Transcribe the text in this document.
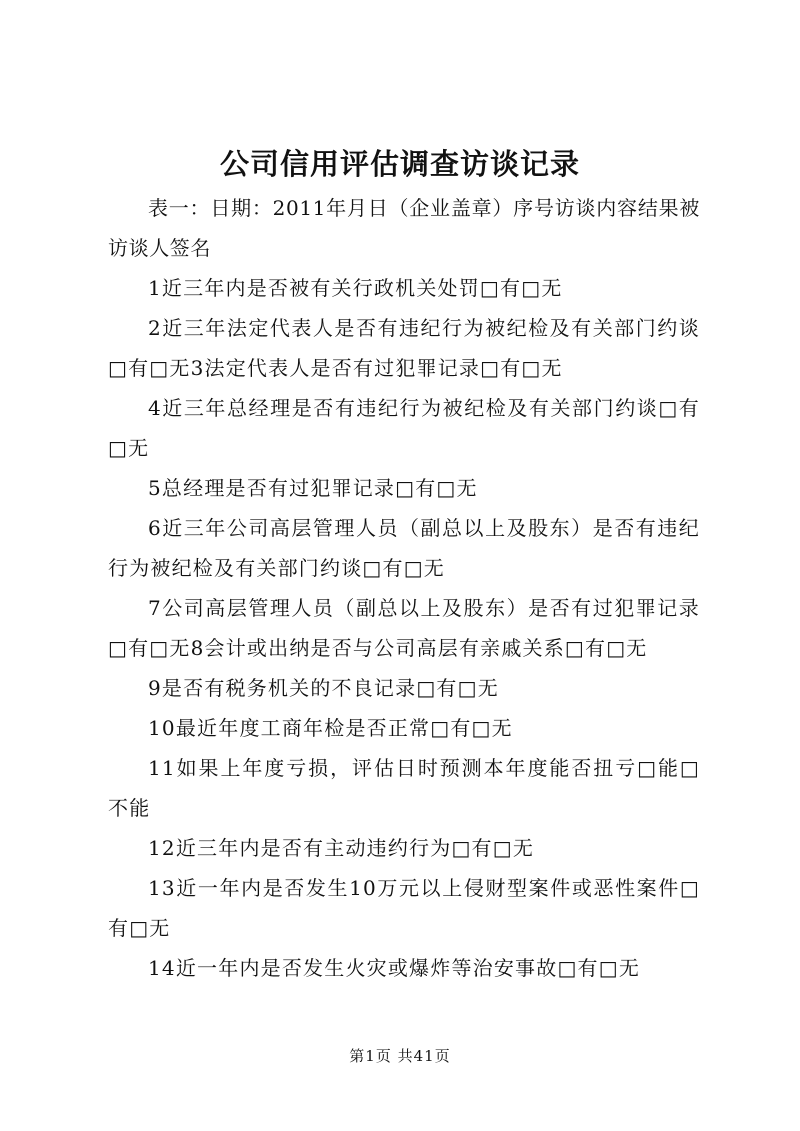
公司信用评估调查访谈记录

表一：日期：2011年月日（企业盖章）序号访谈内容结果被访谈人签名

1近三年内是否被有关行政机关处罚□有□无

2近三年法定代表人是否有违纪行为被纪检及有关部门约谈□有□无3法定代表人是否有过犯罪记录□有□无

4近三年总经理是否有违纪行为被纪检及有关部门约谈□有□无

5总经理是否有过犯罪记录□有□无

6近三年公司高层管理人员（副总以上及股东）是否有违纪行为被纪检及有关部门约谈□有□无

7公司高层管理人员（副总以上及股东）是否有过犯罪记录□有□无8会计或出纳是否与公司高层有亲戚关系□有□无

9是否有税务机关的不良记录□有□无

10最近年度工商年检是否正常□有□无

11如果上年度亏损，评估日时预测本年度能否扭亏□能□不能

12近三年内是否有主动违约行为□有□无

13近一年内是否发生10万元以上侵财型案件或恶性案件□有□无

14近一年内是否发生火灾或爆炸等治安事故□有□无

第1页 共41页
